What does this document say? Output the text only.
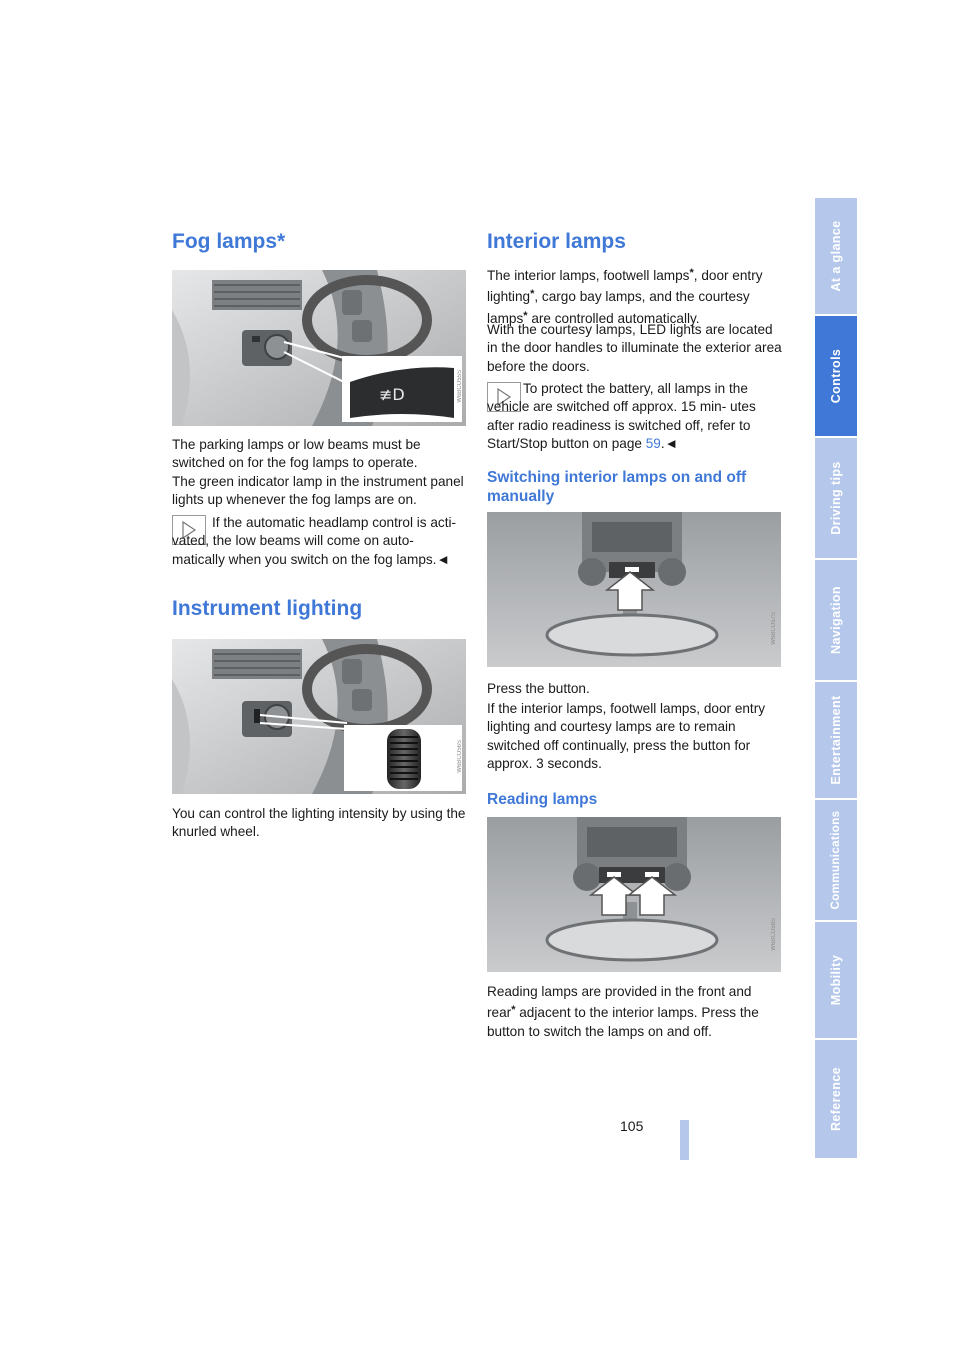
Fog lamps*
≢D	W6BCO55S

The parking lamps or low beams must be switched on for the fog lamps to operate.

The green indicator lamp in the instrument panel lights up whenever the fog lamps are on.

If the automatic headlamp control is acti- vated, the low beams will come on auto- matically when you switch on the fog lamps.◄

Instrument lighting
W6BCO56S

You can control the lighting intensity by using the knurled wheel.

Interior lamps

The interior lamps, footwell lamps*, door entry lighting*, cargo bay lamps, and the courtesy lamps* are controlled automatically.

With the courtesy lamps, LED lights are located in the door handles to illuminate the exterior area before the doors.

To protect the battery, all lamps in the vehicle are switched off approx. 15 min- utes after radio readiness is switched off, refer to Start/Stop button on page 59.◄

Switching interior lamps on and off manually
W6BCO57S

Press the button.

If the interior lamps, footwell lamps, door entry lighting and courtesy lamps are to remain switched off continually, press the button for approx. 3 seconds.

Reading lamps
W6BCO58S

Reading lamps are provided in the front and rear* adjacent to the interior lamps. Press the button to switch the lamps on and off.

At a glance
Controls
Driving tips
Navigation
Entertainment
Communications
Mobility
Reference
105
